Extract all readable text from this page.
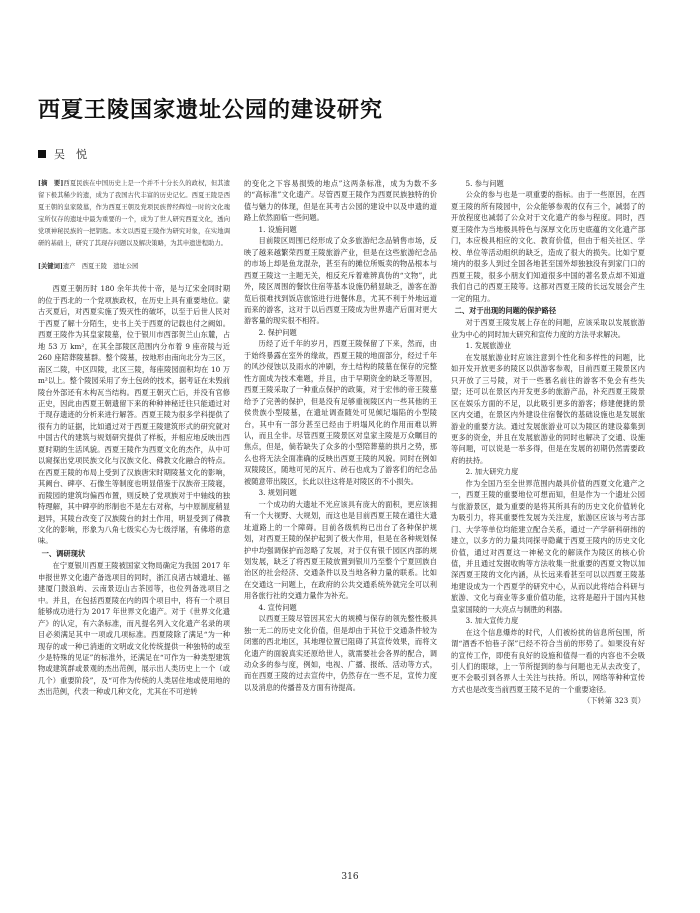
西夏王陵国家遗址公园的建设研究
吴　悦

[摘　要]西夏民族在中国历史上是一个并不十分长久的政权，但其遗留下极其稀少的遗，成为了我国古代丰富的历史记忆。西夏王陵是西夏王朝的皇家陵墓，作为西夏王朝及党项民族曾经辉煌一时的文化瑰宝所仅存的遗址中最为重要的一个，成为了世人研究西夏文化，透向党项神秘民族的一把钥匙。本文以西夏王陵作为研究对象，在实地调研的基础上，研究了其现存问题以及解决策略，为其申遗进程助力。

[关键词]遗产　西夏王陵　遗址公园

西夏王朝历时 180 余年共传十帝，是与辽宋金同时期的位于西北的一个党项族政权，在历史上具有重要地位。蒙古灭夏后，对西夏实施了毁灭性的破坏，以至于后世人民对于西夏了解十分陌生，史书上关于西夏的记载也付之阙如。西夏王陵作为其皇家陵墓，位于银川市西部贺兰山东麓，占地 53 万 km²，在其全部陵区范围内分布着 9 座帝陵与近 260 座陪葬陵墓群。整个陵墓，按地形由南向北分为三区，南区二陵，中区四陵，北区三陵，每座陵园面积均在 10 万 m²以上。整个陵园采用了夯土包砖的技术，据考证在未毁前陵台外部还有木构瓦当结构。西夏王朝灭亡后，并没有官修正史，因此由西夏王朝遗留下来的种种神秘迁往只能通过对于现存遗迹的分析来进行解答。西夏王陵为很多学科提供了很有力的证据，比如通过对于西夏王陵建筑形式的研究就对中国古代的建筑与规划研究提供了样板，并相应地反映出西夏时期的生活风貌。西夏王陵作为西夏文化的杰作，从中可以窥探出党项民族文化与汉族文化、佛教文化融合的特点。在西夏王陵的布局上受到了汉族唐宋时期陵墓文化的影响，其阙台、碑亭、石像生等制度也明显借鉴于汉族帝王陵寝，而陵园的建筑均偏西布置，则反映了党项族对于中轴线的独特理解，其中碑亭的形制也不是左右对称，与中原制度稍显迥异，其陵台改变了汉族陵台的封土作用，明显受到了佛教文化的影响，形象为八角七级实心为七级浮屠，有佛塔的意味。

一、调研现状

在宁夏银川西夏王陵被国家文物局确定为我国 2017 年申报世界文化遗产备选项目的同时，浙江良渚古城遗址、福建厦门鼓浪屿、云南景迈山古茶园等，也位列备选项目之中。并且，在包括西夏陵在内的四个项目中，将有一个项目能够成功进行为 2017 年世界文化遗产。对于《世界文化遗产》的认定，有六条标准，而凡提名列入文化遗产名录的项目必须满足其中一项或几项标准。西夏陵除了满足“为一种现存的或一种已消逝的文明或文化传统提供一种独特的或至少是特殊的见证”的标准外，还满足在“可作为一种类型建筑物或建筑群或景观的杰出范例，展示出人类历史上一个（或几个）重要阶段”，及“可作为传统的人类居住地或使用地的杰出范例，代表一种或几种文化，尤其在不可逆转

的变化之下容易损毁的地点”这两条标准，成为为数不多的“高标准”文化遗产。尽管西夏王陵作为西夏民族独特的价值与魅力的体现，但是在其考古公园的建设中以及申遗的道路上依然面临一些问题。

1. 设施问题

目前陵区周围已经形成了众多旅游纪念品销售市场，反映了越来越繁荣西夏王陵旅游产业，但是在这些旅游纪念品的市场上却是鱼龙混杂，甚至有的摊位所贩卖的物品根本与西夏王陵这一主题无关，相反充斥着难辨真伪的“文物”，此外，陵区周围的餐饮住宿等基本设施仍稍显缺乏，游客在游览后很难找到饭店旅馆进行进餐休息，尤其不利于外地远道而来的游客，这对于以后西夏王陵成为世界遗产后面对更大游客量的现实很不相符。

2. 保护问题

历经了近千年的岁月，西夏王陵保留了下来，然而，由于始终暴露在室外的缘故，西夏王陵的地面部分，经过千年的风沙侵蚀以及雨水的冲刷，夯土结构的陵墓在保存的完整性方面成为技术难题，并且，由于早期资金的缺乏等原因，西夏王陵采取了一种重点保护的政策，对于宏伟的帝王陵墓给予了完善的保护，但是没有足够重视陵区内一些其他的王侯贵族小型陵墓，在遗址调查随处可见倾圮塌陷的小型陵台，其中有一部分甚至已经由于坍塌风化的作用而难以辨认，而且全非。尽管西夏王陵景区对皇家主陵是万众瞩目的焦点，但是，倘若缺失了众多的小型陪葬墓的拱月之势，那么也将无法全面准确的反映出西夏王陵的风貌。同时在例如双陵陵区，随地可见的瓦片、砖石也成为了游客们的纪念品被随意带出陵区，长此以往这将是对陵区的不小损失。

3. 规划问题

一个成功的大遗址不光应该具有庞大的面积，更应该拥有一个大视野、大规划，而这也是目前西夏王陵在通往大遗址道路上的一个障碍。目前各级机构已出台了各种保护规划，对西夏王陵的保护起到了极大作用，但是在各种规划保护中均强调保护而忽略了发展，对于仅有银千园区内部的规划发展，缺乏了将西夏王陵放置到银川乃至整个宁夏回族自治区的社会经济、交通条件以及当地各种力量的联系。比如在交通这一问题上，在政府的公共交通系统外就完全可以利用各旅行社的交通力量作为补充。

4. 宣传问题

以西夏王陵尽管因其宏大的规模与保存的领先整性极具独一无二的历史文化价值，但是却由于其位于交通条件较为闭塞的西北地区，其地理位置已阻碍了其宣传效果，而将文化遗产的面貌真实还原给世人，就需要社会各界的配合，调动众多的参与度，例如，电视、广播、报纸、活动等方式，而在西夏王陵的过去宣传中，仍然存在一些不足，宣传力度以及消息的传播普及方面有待提高。

5. 参与问题

公众的参与也是一项重要的指标。由于一些原因，在西夏王陵的所有陵园中，公众能够参观的仅有三个，减弱了的开放程度也减弱了公众对于文化遗产的参与程度。同时，西夏王陵作为当地极具特色与深厚文化历史底蕴的文化遗产部门，本应极具相应的文化、教育价值，但由于相关社区、学校、单位等活动组织的缺乏，造成了很大的损失。比如宁夏境内的很多人到过全国各地甚至国外却独独没有到家门口的西夏王陵，很多小朋友们知道很多中国的著名景点却不知道我们自己的西夏王陵等。这都对西夏王陵的长远发展会产生一定的阻力。

二、对于出现的问题的保护路径

对于西夏王陵发展上存在的问题，应该采取以发展旅游业为中心的同时加大研究和宣传力度的方法寻求解决。

1. 发展旅游业

在发展旅游业时应该注意到个性化和多样性的问题，比如开发开放更多的陵区以供游客参观，目前西夏王陵景区内只开放了三号陵，对于一些慕名前往的游客不免会有些失望；还可以在景区内开发更多的旅游产品，补充西夏王陵景区在娱乐方面的不足，以此吸引更多的游客；修建便捷的景区内交通，在景区内外建设住宿餐饮的基础设施也是发展旅游业的重要方法。通过发展旅游业可以为陵区的建设募集到更多的资金，并且在发展旅游业的同时也解决了交通、设施等问题，可以说是一举多得，但是在发展的初期仍然需要政府的扶持。

2. 加大研究力度

作为全国乃至全世界范围内最具价值的西夏文化遗产之一，西夏王陵的重要地位可想而知，但是作为一个遗址公园与旅游景区，最为重要的是将其所具有的历史文化价值转化为吸引力，将其重要性发展为关注度，旅游区应该与考古部门、大学等单位均能建立配合关系，通过一产学研科研纬的建立，以多方的力量共同探寻隐藏于西夏王陵内的历史文化价值，通过对西夏这一神秘文化的解读作为陵区的核心价值，并且通过发掘收购等方法收集一批重要的西夏文物以加深西夏王陵的文化内涵，从长远来看甚至可以以西夏王陵基地建设成为一个西夏学的研究中心，从而以此将结合科研与旅游、文化与商业等多重价值功能，这将是超升于国内其他皇家国陵的一大亮点与制胜的利器。

3. 加大宣传力度

在这个信息爆炸的时代，人们被纷扰的信息所包围，所谓“酒香不怕巷子深”已经不符合当前的形势了。如果没有好的宣传工作，即使有良好的设施和值得一看的内容也不会吸引人们的眼球，上一节所提到的参与问题也无从去改变了，更不会吸引到各界人士关注与扶持。所以，网络等种种宣传方式也是改变当前西夏王陵不足的一个重要途径。

（下转第 323 页）

316
